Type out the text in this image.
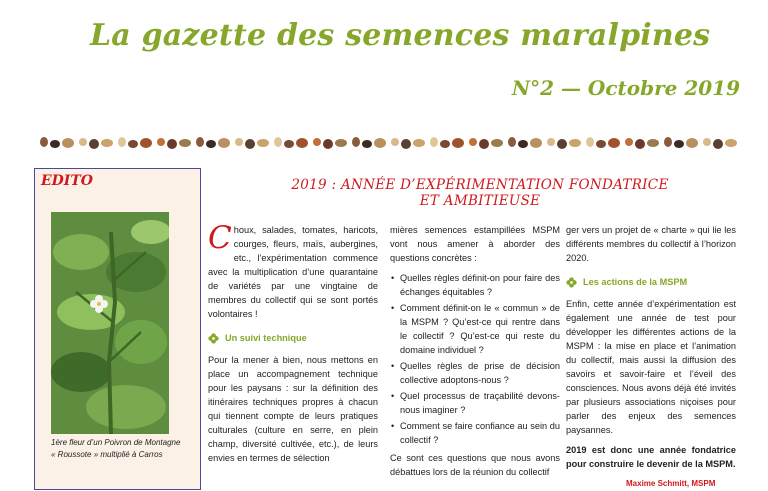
La gazette des semences maralpines
N°2 — Octobre 2019
EDITO
1ère fleur d’un Poivron de Montagne « Roussote » multiplié à Carros
2019 : ANNÉE D’EXPÉRIMENTATION FONDATRICE
ET AMBITIEUSE

Choux, salades, tomates, haricots, courges, fleurs, maïs, aubergines, etc., l’expérimentation commence avec la multiplication d’une quarantaine de variétés par une vingtaine de membres du collectif qui se sont portés volontaires !

Un suivi technique

Pour la mener à bien, nous mettons en place un accompagnement technique pour les paysans : sur la définition des itinéraires techniques propres à chacun qui tiennent compte de leurs pratiques culturales (culture en serre, en plein champ, diversité cultivée, etc.), de leurs envies en termes de sélection

mières semences estampillées MSPM vont nous amener à aborder des questions concrètes :

• Quelles règles définit-on pour faire des échanges équitables ?
• Comment définit-on le « commun » de la MSPM ? Qu’est-ce qui rentre dans le collectif ? Qu’est-ce qui reste du domaine individuel ?
• Quelles règles de prise de décision collective adoptons-nous ?
• Quel processus de traçabilité devons-nous imaginer ?
• Comment se faire confiance au sein du collectif ?

Ce sont ces questions que nous avons débattues lors de la réunion du collectif

ger vers un projet de « charte » qui lie les différents membres du collectif à l’horizon 2020.

Les actions de la MSPM

Enfin, cette année d’expérimentation est également une année de test pour développer les différentes actions de la MSPM : la mise en place et l’animation du collectif, mais aussi la diffusion des savoirs et savoir-faire et l’éveil des consciences. Nous avons déjà été invités par plusieurs associations niçoises pour parler des enjeux des semences paysannes.

2019 est donc une année fondatrice pour construire le devenir de la MSPM.

Maxime Schmitt, MSPM
